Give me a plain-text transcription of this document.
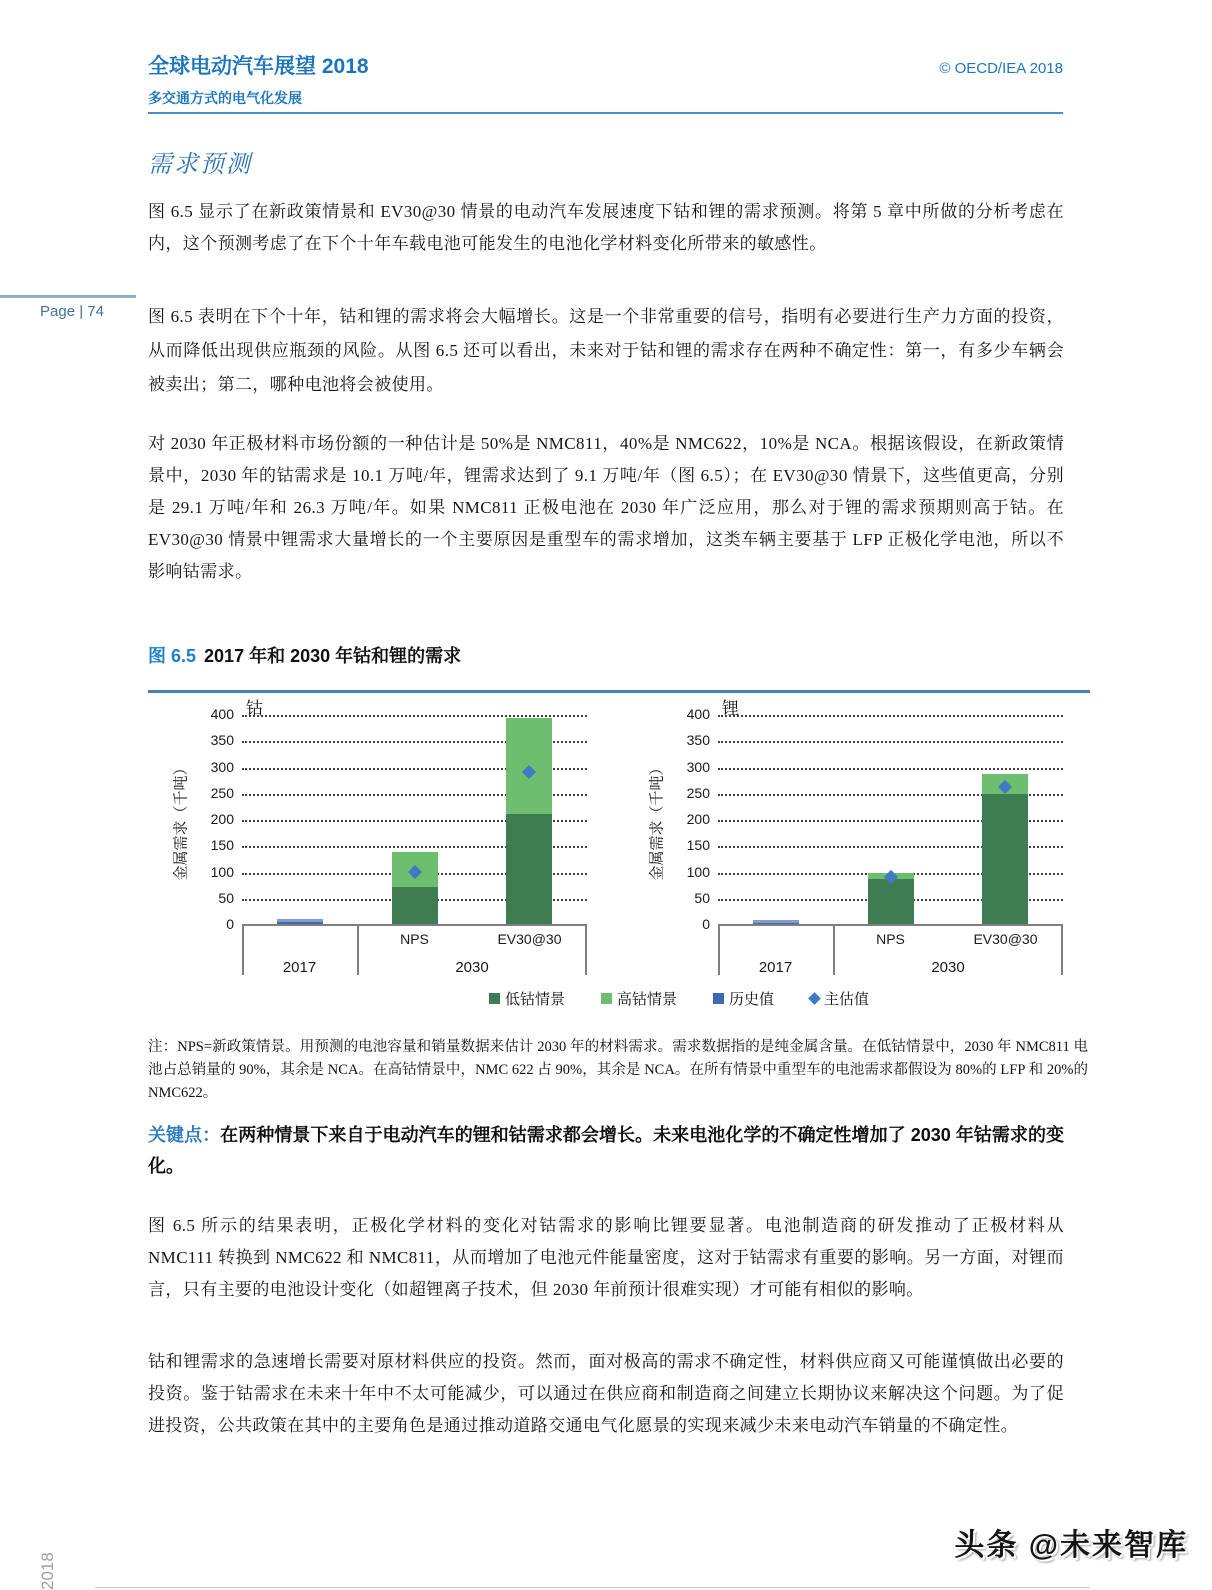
全球电动汽车展望 2018	© OECD/IEA 2018
多交通方式的电气化发展
Page | 74
需求预测
图 6.5 显示了在新政策情景和 EV30@30 情景的电动汽车发展速度下钴和锂的需求预测。将第 5 章中所做的分析考虑在内，这个预测考虑了在下个十年车载电池可能发生的电池化学材料变化所带来的敏感性。
图 6.5 表明在下个十年，钴和锂的需求将会大幅增长。这是一个非常重要的信号，指明有必要进行生产力方面的投资，从而降低出现供应瓶颈的风险。从图 6.5 还可以看出，未来对于钴和锂的需求存在两种不确定性：第一，有多少车辆会被卖出；第二，哪种电池将会被使用。
对 2030 年正极材料市场份额的一种估计是 50%是 NMC811，40%是 NMC622，10%是 NCA。根据该假设，在新政策情景中，2030 年的钴需求是 10.1 万吨/年，锂需求达到了 9.1 万吨/年（图 6.5）；在 EV30@30 情景下，这些值更高，分别是 29.1 万吨/年和 26.3 万吨/年。如果 NMC811 正极电池在 2030 年广泛应用，那么对于锂的需求预期则高于钴。在 EV30@30 情景中锂需求大量增长的一个主要原因是重型车的需求增加，这类车辆主要基于 LFP 正极化学电池，所以不影响钴需求。
图 6.5 2017 年和 2030 年钴和锂的需求
钴
金属需求（千吨）
0
50
100
150
200
250
300
350
400
NPS	EV30@30
2017	2030
锂
金属需求（千吨）
0
50
100
150
200
250
300
350
400
NPS	EV30@30
2017	2030
低钴情景	高钴情景	历史值	主估值
注：NPS=新政策情景。用预测的电池容量和销量数据来估计 2030 年的材料需求。需求数据指的是纯金属含量。在低钴情景中，2030 年 NMC811 电池占总销量的 90%，其余是 NCA。在高钴情景中，NMC 622 占 90%，其余是 NCA。在所有情景中重型车的电池需求都假设为 80%的 LFP 和 20%的 NMC622。
关键点：在两种情景下来自于电动汽车的锂和钴需求都会增长。未来电池化学的不确定性增加了 2030 年钴需求的变化。
图 6.5 所示的结果表明，正极化学材料的变化对钴需求的影响比锂要显著。电池制造商的研发推动了正极材料从 NMC111 转换到 NMC622 和 NMC811，从而增加了电池元件能量密度，这对于钴需求有重要的影响。另一方面，对锂而言，只有主要的电池设计变化（如超锂离子技术，但 2030 年前预计很难实现）才可能有相似的影响。
钴和锂需求的急速增长需要对原材料供应的投资。然而，面对极高的需求不确定性，材料供应商又可能谨慎做出必要的投资。鉴于钴需求在未来十年中不太可能减少，可以通过在供应商和制造商之间建立长期协议来解决这个问题。为了促进投资，公共政策在其中的主要角色是通过推动道路交通电气化愿景的实现来减少未来电动汽车销量的不确定性。
头条 @未来智库
2018
